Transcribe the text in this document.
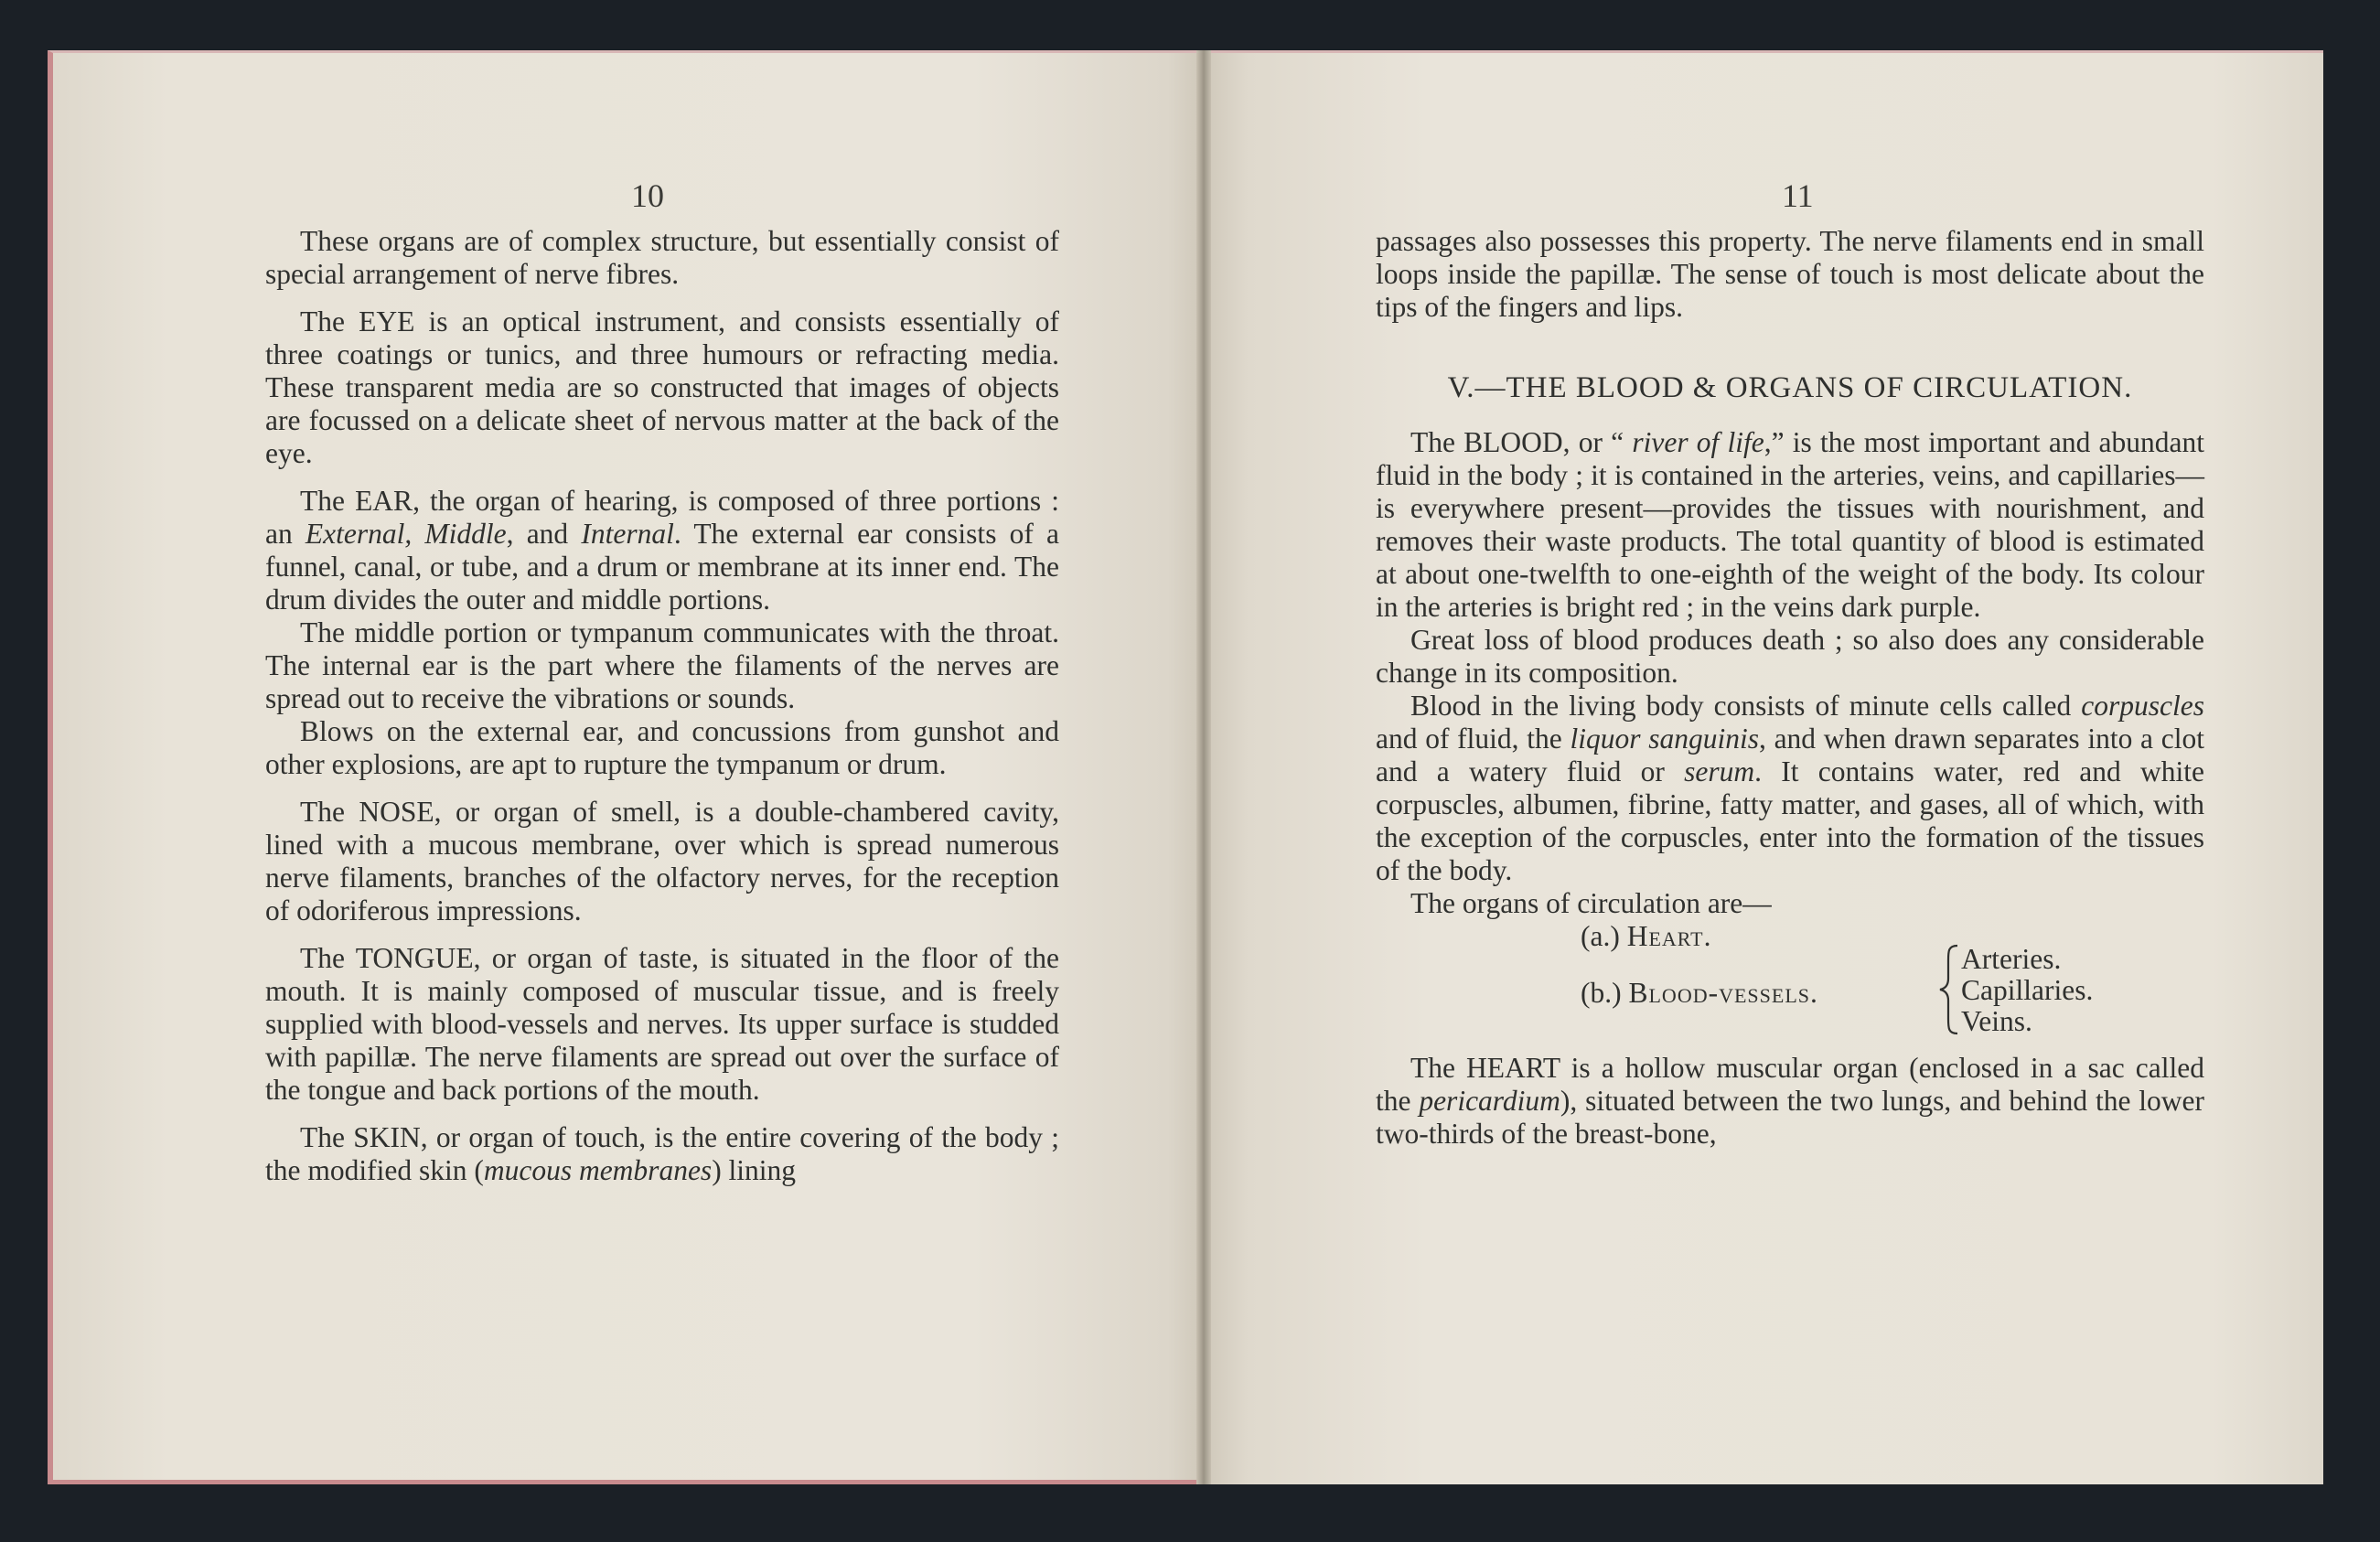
10

These organs are of complex structure, but essentially consist of special arrangement of nerve fibres.

The EYE is an optical instrument, and consists essentially of three coatings or tunics, and three humours or refracting media. These transparent media are so constructed that images of objects are focussed on a delicate sheet of nervous matter at the back of the eye.

The EAR, the organ of hearing, is composed of three portions : an External, Middle, and Internal. The external ear consists of a funnel, canal, or tube, and a drum or membrane at its inner end. The drum divides the outer and middle portions.

The middle portion or tympanum communicates with the throat. The internal ear is the part where the filaments of the nerves are spread out to receive the vibrations or sounds.

Blows on the external ear, and concussions from gunshot and other explosions, are apt to rupture the tympanum or drum.

The NOSE, or organ of smell, is a double-chambered cavity, lined with a mucous membrane, over which is spread numerous nerve filaments, branches of the olfactory nerves, for the reception of odoriferous impressions.

The TONGUE, or organ of taste, is situated in the floor of the mouth. It is mainly composed of muscular tissue, and is freely supplied with blood-vessels and nerves. Its upper surface is studded with papillæ. The nerve filaments are spread out over the surface of the tongue and back portions of the mouth.

The SKIN, or organ of touch, is the entire covering of the body ; the modified skin (mucous membranes) lining

11

passages also possesses this property. The nerve filaments end in small loops inside the papillæ. The sense of touch is most delicate about the tips of the fingers and lips.

V.—THE BLOOD & ORGANS OF CIRCULATION.

The BLOOD, or “ river of life,” is the most important and abundant fluid in the body ; it is contained in the arteries, veins, and capillaries—is everywhere present—provides the tissues with nourishment, and removes their waste products. The total quantity of blood is estimated at about one-twelfth to one-eighth of the weight of the body. Its colour in the arteries is bright red ; in the veins dark purple.

Great loss of blood produces death ; so also does any considerable change in its composition.

Blood in the living body consists of minute cells called corpuscles and of fluid, the liquor sanguinis, and when drawn separates into a clot and a watery fluid or serum. It contains water, red and white corpuscles, albumen, fibrine, fatty matter, and gases, all of which, with the exception of the corpuscles, enter into the formation of the tissues of the body.

The organs of circulation are—

(a.) Heart.
(b.) Blood-vessels.
Arteries.
Capillaries.
Veins.

The HEART is a hollow muscular organ (enclosed in a sac called the pericardium), situated between the two lungs, and behind the lower two-thirds of the breast-bone,
